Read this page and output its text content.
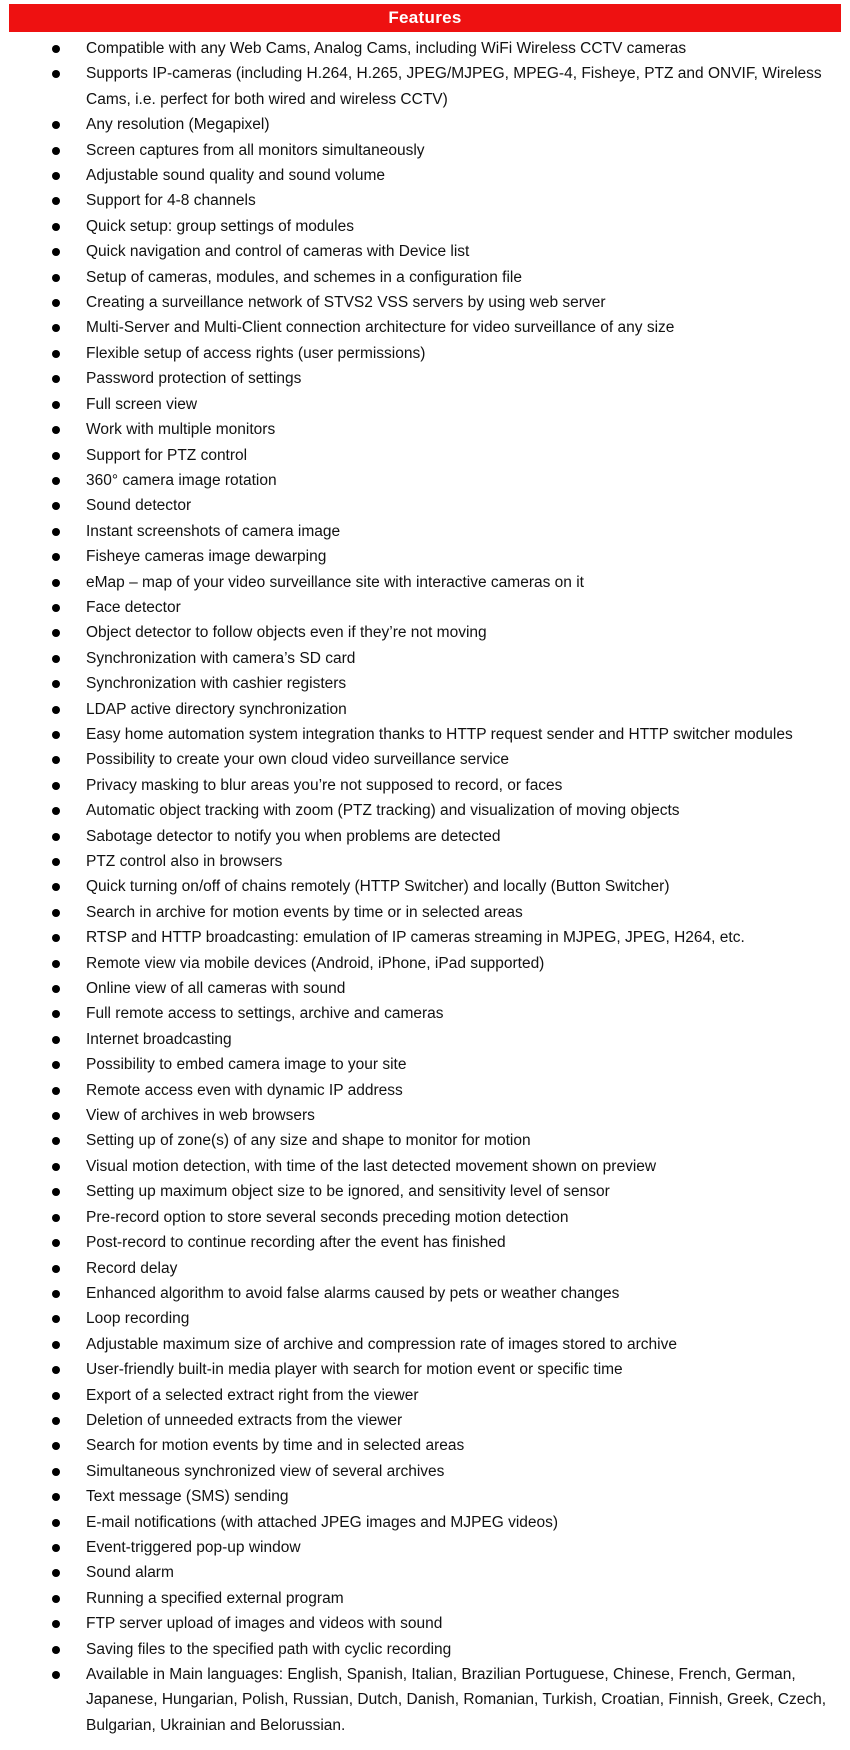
Features
Compatible with any Web Cams, Analog Cams, including WiFi Wireless CCTV cameras
Supports IP-cameras (including H.264, H.265, JPEG/MJPEG, MPEG-4, Fisheye, PTZ and ONVIF, Wireless Cams, i.e. perfect for both wired and wireless CCTV)
Any resolution (Megapixel)
Screen captures from all monitors simultaneously
Adjustable sound quality and sound volume
Support for 4-8 channels
Quick setup: group settings of modules
Quick navigation and control of cameras with Device list
Setup of cameras, modules, and schemes in a configuration file
Creating a surveillance network of STVS2 VSS servers by using web server
Multi-Server and Multi-Client connection architecture for video surveillance of any size
Flexible setup of access rights (user permissions)
Password protection of settings
Full screen view
Work with multiple monitors
Support for PTZ control
360° camera image rotation
Sound detector
Instant screenshots of camera image
Fisheye cameras image dewarping
eMap – map of your video surveillance site with interactive cameras on it
Face detector
Object detector to follow objects even if they’re not moving
Synchronization with camera’s SD card
Synchronization with cashier registers
LDAP active directory synchronization
Easy home automation system integration thanks to HTTP request sender and HTTP switcher modules
Possibility to create your own cloud video surveillance service
Privacy masking to blur areas you’re not supposed to record, or faces
Automatic object tracking with zoom (PTZ tracking) and visualization of moving objects
Sabotage detector to notify you when problems are detected
PTZ control also in browsers
Quick turning on/off of chains remotely (HTTP Switcher) and locally (Button Switcher)
Search in archive for motion events by time or in selected areas
RTSP and HTTP broadcasting: emulation of IP cameras streaming in MJPEG, JPEG, H264, etc.
Remote view via mobile devices (Android, iPhone, iPad supported)
Online view of all cameras with sound
Full remote access to settings, archive and cameras
Internet broadcasting
Possibility to embed camera image to your site
Remote access even with dynamic IP address
View of archives in web browsers
Setting up of zone(s) of any size and shape to monitor for motion
Visual motion detection, with time of the last detected movement shown on preview
Setting up maximum object size to be ignored, and sensitivity level of sensor
Pre-record option to store several seconds preceding motion detection
Post-record to continue recording after the event has finished
Record delay
Enhanced algorithm to avoid false alarms caused by pets or weather changes
Loop recording
Adjustable maximum size of archive and compression rate of images stored to archive
User-friendly built-in media player with search for motion event or specific time
Export of a selected extract right from the viewer
Deletion of unneeded extracts from the viewer
Search for motion events by time and in selected areas
Simultaneous synchronized view of several archives
Text message (SMS) sending
E-mail notifications (with attached JPEG images and MJPEG videos)
Event-triggered pop-up window
Sound alarm
Running a specified external program
FTP server upload of images and videos with sound
Saving files to the specified path with cyclic recording
Available in Main languages: English, Spanish, Italian, Brazilian Portuguese, Chinese, French, German, Japanese, Hungarian, Polish, Russian, Dutch, Danish, Romanian, Turkish, Croatian, Finnish, Greek, Czech, Bulgarian, Ukrainian and Belorussian.
